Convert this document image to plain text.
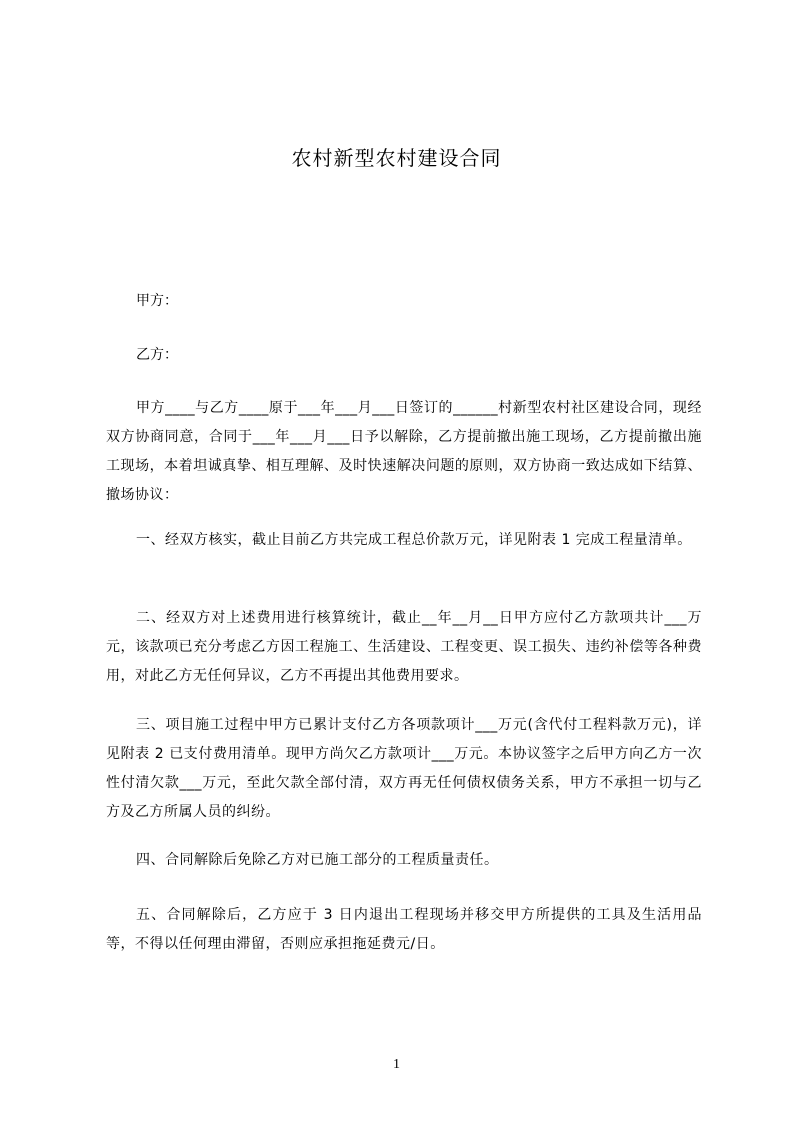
农村新型农村建设合同

甲方：

乙方：

甲方____与乙方____原于___年___月___日签订的______村新型农村社区建设合同，现经双方协商同意，合同于___年___月___日予以解除，乙方提前撤出施工现场，乙方提前撤出施工现场，本着坦诚真挚、相互理解、及时快速解决问题的原则，双方协商一致达成如下结算、撤场协议：

一、经双方核实，截止目前乙方共完成工程总价款万元，详见附表 1 完成工程量清单。

二、经双方对上述费用进行核算统计，截止__年__月__日甲方应付乙方款项共计___万元，该款项已充分考虑乙方因工程施工、生活建设、工程变更、误工损失、违约补偿等各种费用，对此乙方无任何异议，乙方不再提出其他费用要求。

三、项目施工过程中甲方已累计支付乙方各项款项计___万元(含代付工程料款万元)，详见附表 2 已支付费用清单。现甲方尚欠乙方款项计___万元。本协议签字之后甲方向乙方一次性付清欠款___万元，至此欠款全部付清，双方再无任何债权债务关系，甲方不承担一切与乙方及乙方所属人员的纠纷。

四、合同解除后免除乙方对已施工部分的工程质量责任。

五、合同解除后，乙方应于 3 日内退出工程现场并移交甲方所提供的工具及生活用品等，不得以任何理由滞留，否则应承担拖延费元/日。

1
